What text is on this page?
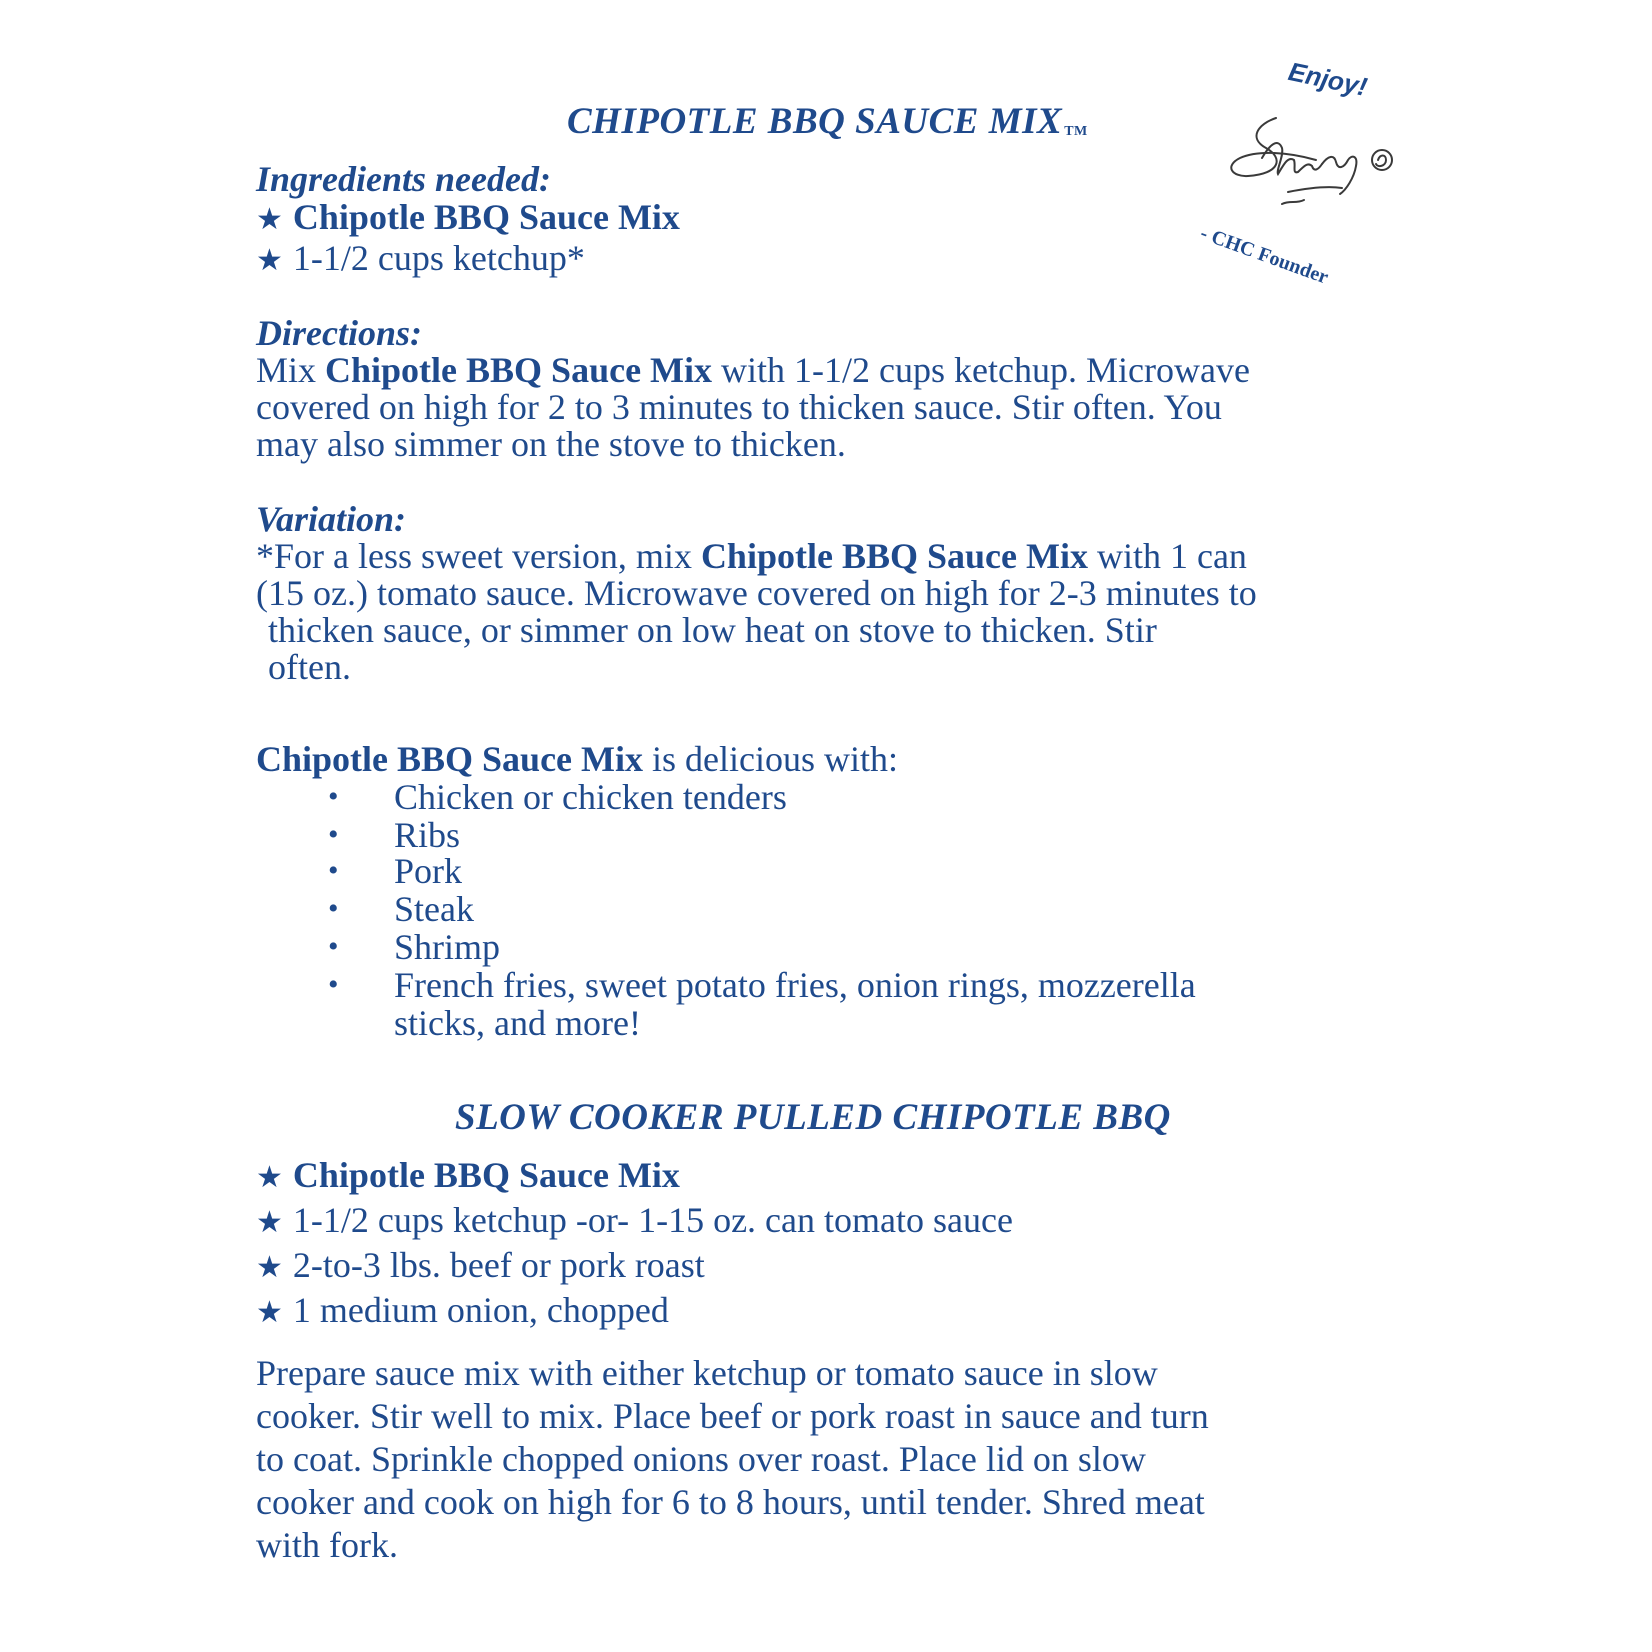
Enjoy!
- CHC Founder
CHIPOTLE BBQ SAUCE MIX TM
Ingredients needed:
★ Chipotle BBQ Sauce Mix
★ 1-1/2 cups ketchup*
Directions:
Mix Chipotle BBQ Sauce Mix with 1-1/2 cups ketchup. Microwave
covered on high for 2 to 3 minutes to thicken sauce. Stir often. You
may also simmer on the stove to thicken.
Variation:
*For a less sweet version, mix Chipotle BBQ Sauce Mix with 1 can
(15 oz.) tomato sauce. Microwave covered on high for 2-3 minutes to
thicken sauce, or simmer on low heat on stove to thicken. Stir
often.
Chipotle BBQ Sauce Mix is delicious with:
• Chicken or chicken tenders
• Ribs
• Pork
• Steak
• Shrimp
• French fries, sweet potato fries, onion rings, mozzerella
sticks, and more!
SLOW COOKER PULLED CHIPOTLE BBQ
★ Chipotle BBQ Sauce Mix
★ 1-1/2 cups ketchup -or- 1-15 oz. can tomato sauce
★ 2-to-3 lbs. beef or pork roast
★ 1 medium onion, chopped
Prepare sauce mix with either ketchup or tomato sauce in slow
cooker. Stir well to mix. Place beef or pork roast in sauce and turn
to coat. Sprinkle chopped onions over roast. Place lid on slow
cooker and cook on high for 6 to 8 hours, until tender. Shred meat
with fork.
